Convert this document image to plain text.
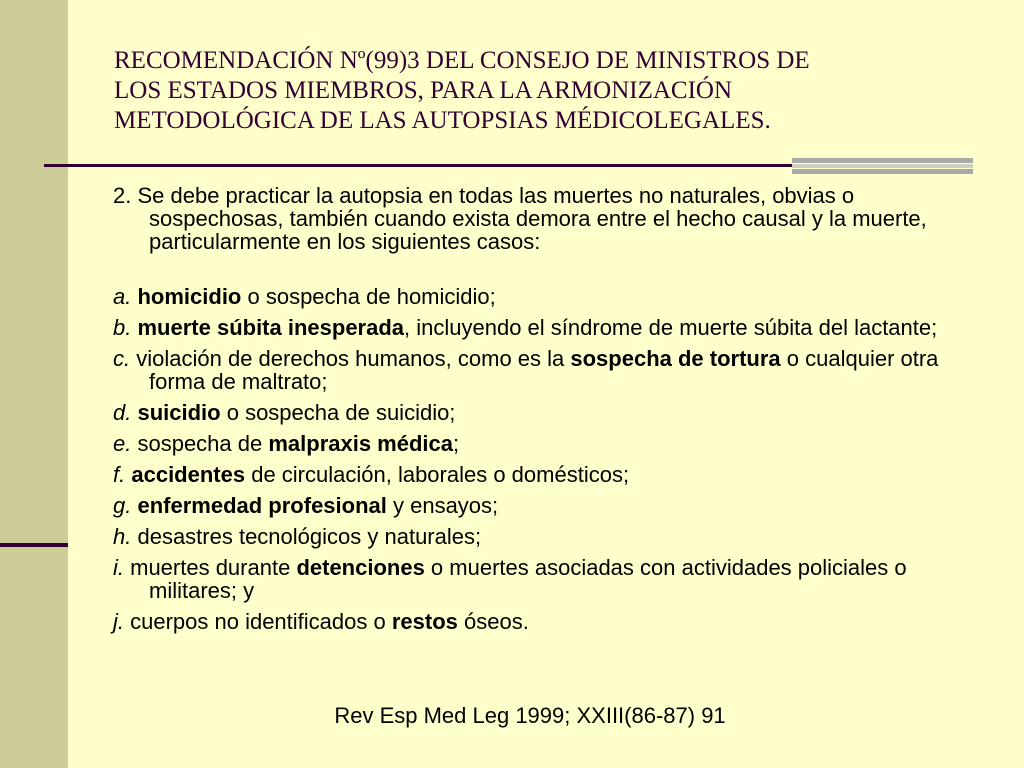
RECOMENDACIÓN Nº(99)3 DEL CONSEJO DE MINISTROS DE
LOS ESTADOS MIEMBROS, PARA LA ARMONIZACIÓN
METODOLÓGICA DE LAS AUTOPSIAS MÉDICOLEGALES.
2. Se debe practicar la autopsia en todas las muertes no naturales, obvias o sospechosas, también cuando exista demora entre el hecho causal y la muerte, particularmente en los siguientes casos:
a. homicidio o sospecha de homicidio;
b. muerte súbita inesperada, incluyendo el síndrome de muerte súbita del lactante;
c. violación de derechos humanos, como es la sospecha de tortura o cualquier otra forma de maltrato;
d. suicidio o sospecha de suicidio;
e. sospecha de malpraxis médica;
f. accidentes de circulación, laborales o domésticos;
g. enfermedad profesional y ensayos;
h. desastres tecnológicos y naturales;
i. muertes durante detenciones o muertes asociadas con actividades policiales o militares; y
j. cuerpos no identificados o restos óseos.
Rev Esp Med Leg 1999; XXIII(86-87) 91
